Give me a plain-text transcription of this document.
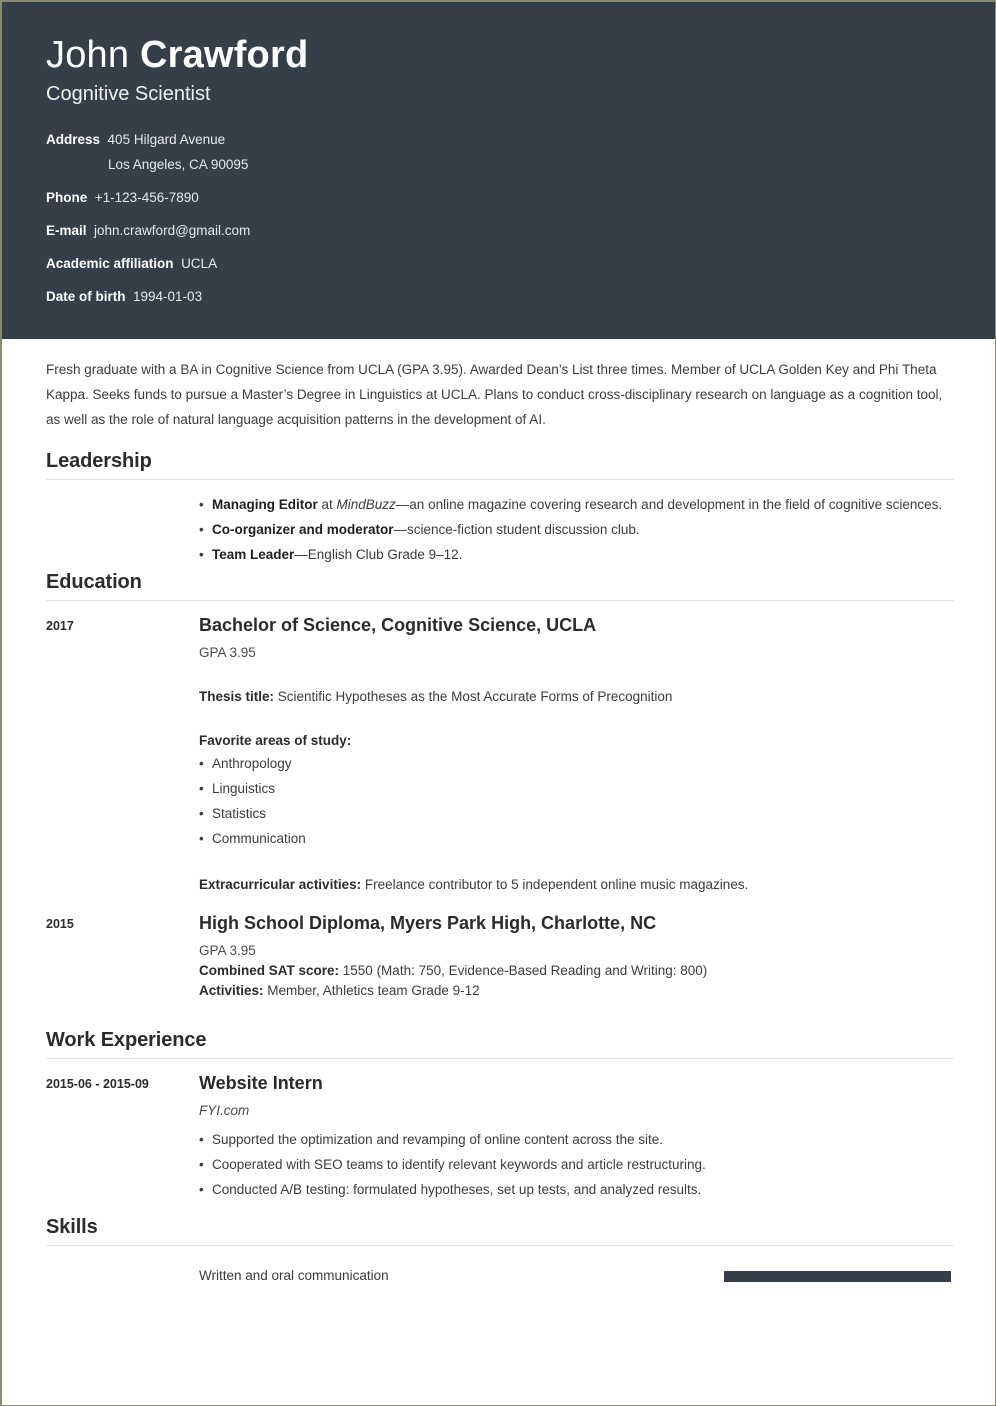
John Crawford
Cognitive Scientist
Address 405 Hilgard Avenue
Los Angeles, CA 90095
Phone +1-123-456-7890
E-mail john.crawford@gmail.com
Academic affiliation UCLA
Date of birth 1994-01-03

Fresh graduate with a BA in Cognitive Science from UCLA (GPA 3.95). Awarded Dean’s List three times. Member of UCLA Golden Key and Phi Theta Kappa. Seeks funds to pursue a Master’s Degree in Linguistics at UCLA. Plans to conduct cross-disciplinary research on language as a cognition tool, as well as the role of natural language acquisition patterns in the development of AI.

Leadership
• Managing Editor at MindBuzz—an online magazine covering research and development in the field of cognitive sciences.
• Co-organizer and moderator—science-fiction student discussion club.
• Team Leader—English Club Grade 9–12.
Education
2017	Bachelor of Science, Cognitive Science, UCLA

GPA 3.95

Thesis title: Scientific Hypotheses as the Most Accurate Forms of Precognition

Favorite areas of study:

• Anthropology
• Linguistics
• Statistics
• Communication

Extracurricular activities: Freelance contributor to 5 independent online music magazines.

2015	High School Diploma, Myers Park High, Charlotte, NC

GPA 3.95

Combined SAT score: 1550 (Math: 750, Evidence-Based Reading and Writing: 800)

Activities: Member, Athletics team Grade 9-12

Work Experience
2015-06 - 2015-09	Website Intern

FYI.com

• Supported the optimization and revamping of online content across the site.
• Cooperated with SEO teams to identify relevant keywords and article restructuring.
• Conducted A/B testing: formulated hypotheses, set up tests, and analyzed results.
Skills
Written and oral communication
